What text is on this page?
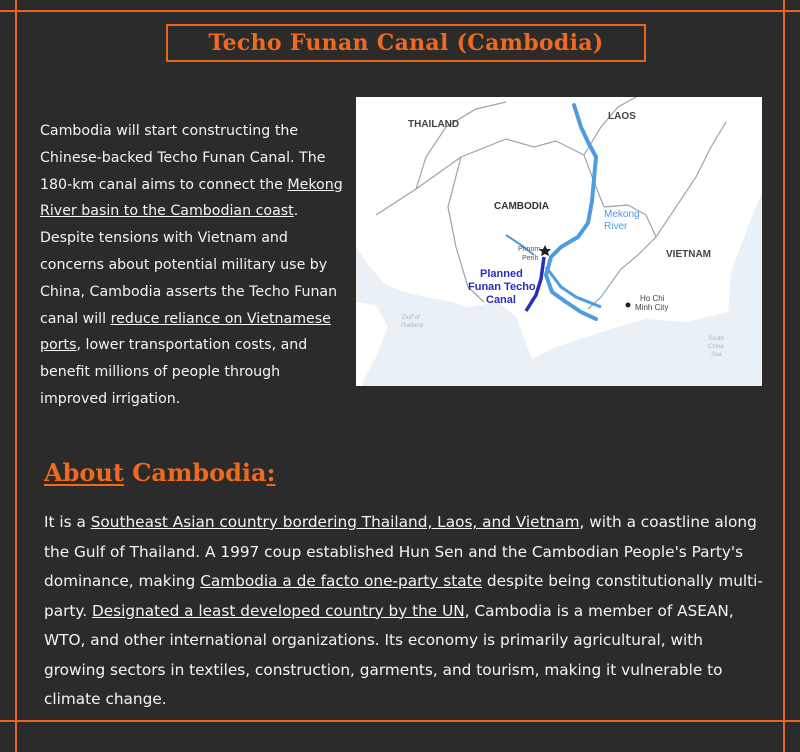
Techo Funan Canal (Cambodia)
Cambodia will start constructing the Chinese-backed Techo Funan Canal. The 180-km canal aims to connect the Mekong River basin to the Cambodian coast. Despite tensions with Vietnam and concerns about potential military use by China, Cambodia asserts the Techo Funan canal will reduce reliance on Vietnamese ports, lower transportation costs, and benefit millions of people through improved irrigation.
THAILAND
LAOS
CAMBODIA
VIETNAM
Mekong
River
Phnom
Penh
Planned
Funan Techo
Canal	Ho Chi
Minh City
Gulf of
Thailand
South
China
Sea
About Cambodia:
It is a Southeast Asian country bordering Thailand, Laos, and Vietnam, with a coastline along the Gulf of Thailand. A 1997 coup established Hun Sen and the Cambodian People's Party's dominance, making Cambodia a de facto one-party state despite being constitutionally multi-party. Designated a least developed country by the UN, Cambodia is a member of ASEAN, WTO, and other international organizations. Its economy is primarily agricultural, with growing sectors in textiles, construction, garments, and tourism, making it vulnerable to climate change.
